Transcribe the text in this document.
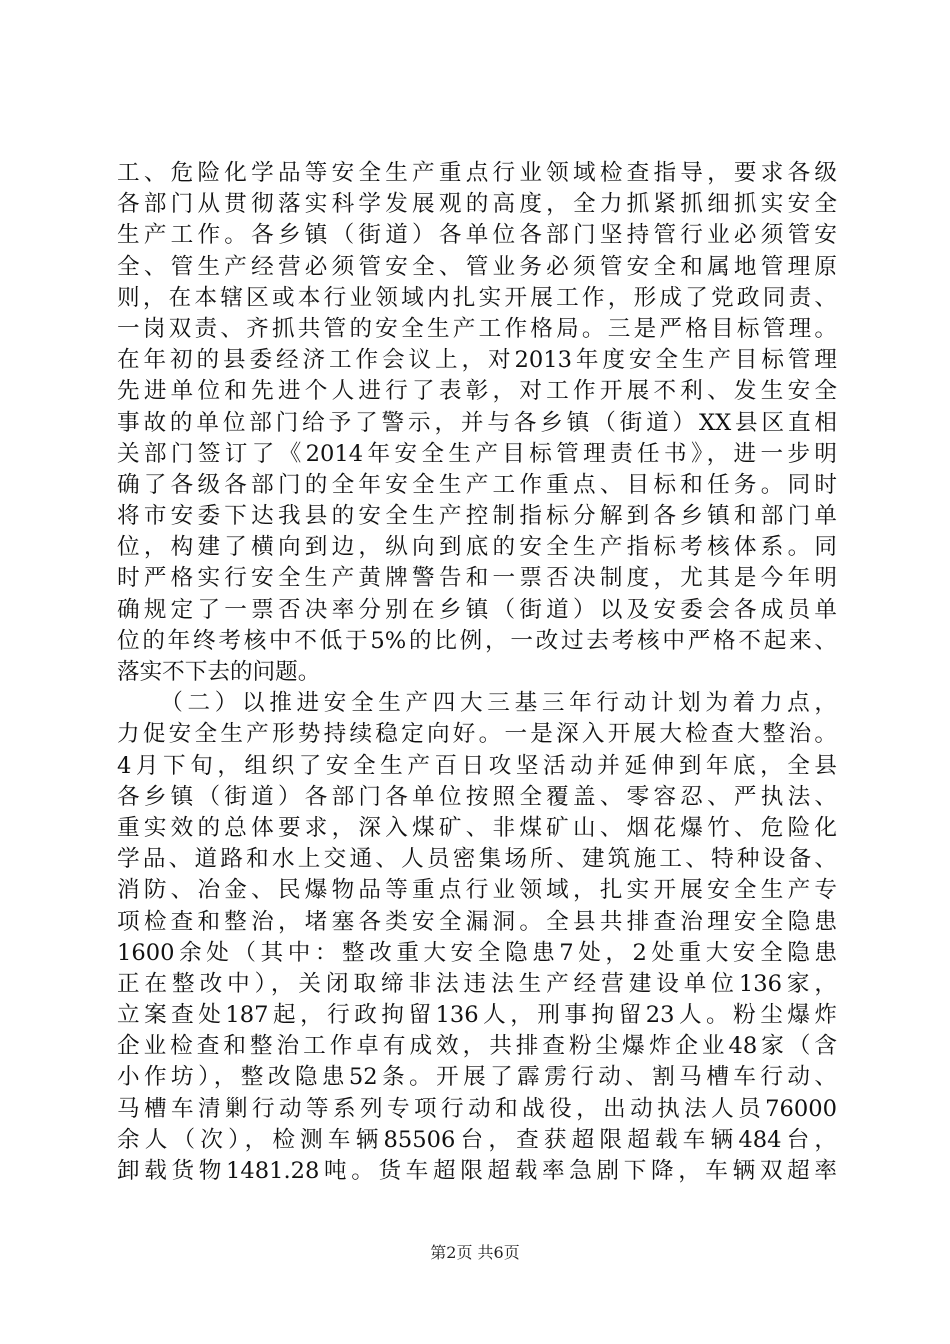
工、危险化学品等安全生产重点行业领域检查指导，要求各级
各部门从贯彻落实科学发展观的高度，全力抓紧抓细抓实安全
生产工作。各乡镇（街道）各单位各部门坚持管行业必须管安
全、管生产经营必须管安全、管业务必须管安全和属地管理原
则，在本辖区或本行业领域内扎实开展工作，形成了党政同责、
一岗双责、齐抓共管的安全生产工作格局。三是严格目标管理。
在年初的县委经济工作会议上，对2013年度安全生产目标管理
先进单位和先进个人进行了表彰，对工作开展不利、发生安全
事故的单位部门给予了警示，并与各乡镇（街道）XX县区直相
关部门签订了《2014年安全生产目标管理责任书》，进一步明
确了各级各部门的全年安全生产工作重点、目标和任务。同时
将市安委下达我县的安全生产控制指标分解到各乡镇和部门单
位，构建了横向到边，纵向到底的安全生产指标考核体系。同
时严格实行安全生产黄牌警告和一票否决制度，尤其是今年明
确规定了一票否决率分别在乡镇（街道）以及安委会各成员单
位的年终考核中不低于5%的比例，一改过去考核中严格不起来、
落实不下去的问题。
　　（二）以推进安全生产四大三基三年行动计划为着力点，
力促安全生产形势持续稳定向好。一是深入开展大检查大整治。
4月下旬，组织了安全生产百日攻坚活动并延伸到年底，全县
各乡镇（街道）各部门各单位按照全覆盖、零容忍、严执法、
重实效的总体要求，深入煤矿、非煤矿山、烟花爆竹、危险化
学品、道路和水上交通、人员密集场所、建筑施工、特种设备、
消防、冶金、民爆物品等重点行业领域，扎实开展安全生产专
项检查和整治，堵塞各类安全漏洞。全县共排查治理安全隐患
1600余处（其中：整改重大安全隐患7处，2处重大安全隐患
正在整改中），关闭取缔非法违法生产经营建设单位136家，
立案查处187起，行政拘留136人，刑事拘留23人。粉尘爆炸
企业检查和整治工作卓有成效，共排查粉尘爆炸企业48家（含
小作坊），整改隐患52条。开展了霹雳行动、割马槽车行动、
马槽车清剿行动等系列专项行动和战役，出动执法人员76000
余人（次），检测车辆85506台，查获超限超载车辆484台，
卸载货物1481.28吨。货车超限超载率急剧下降，车辆双超率
第2页 共6页
